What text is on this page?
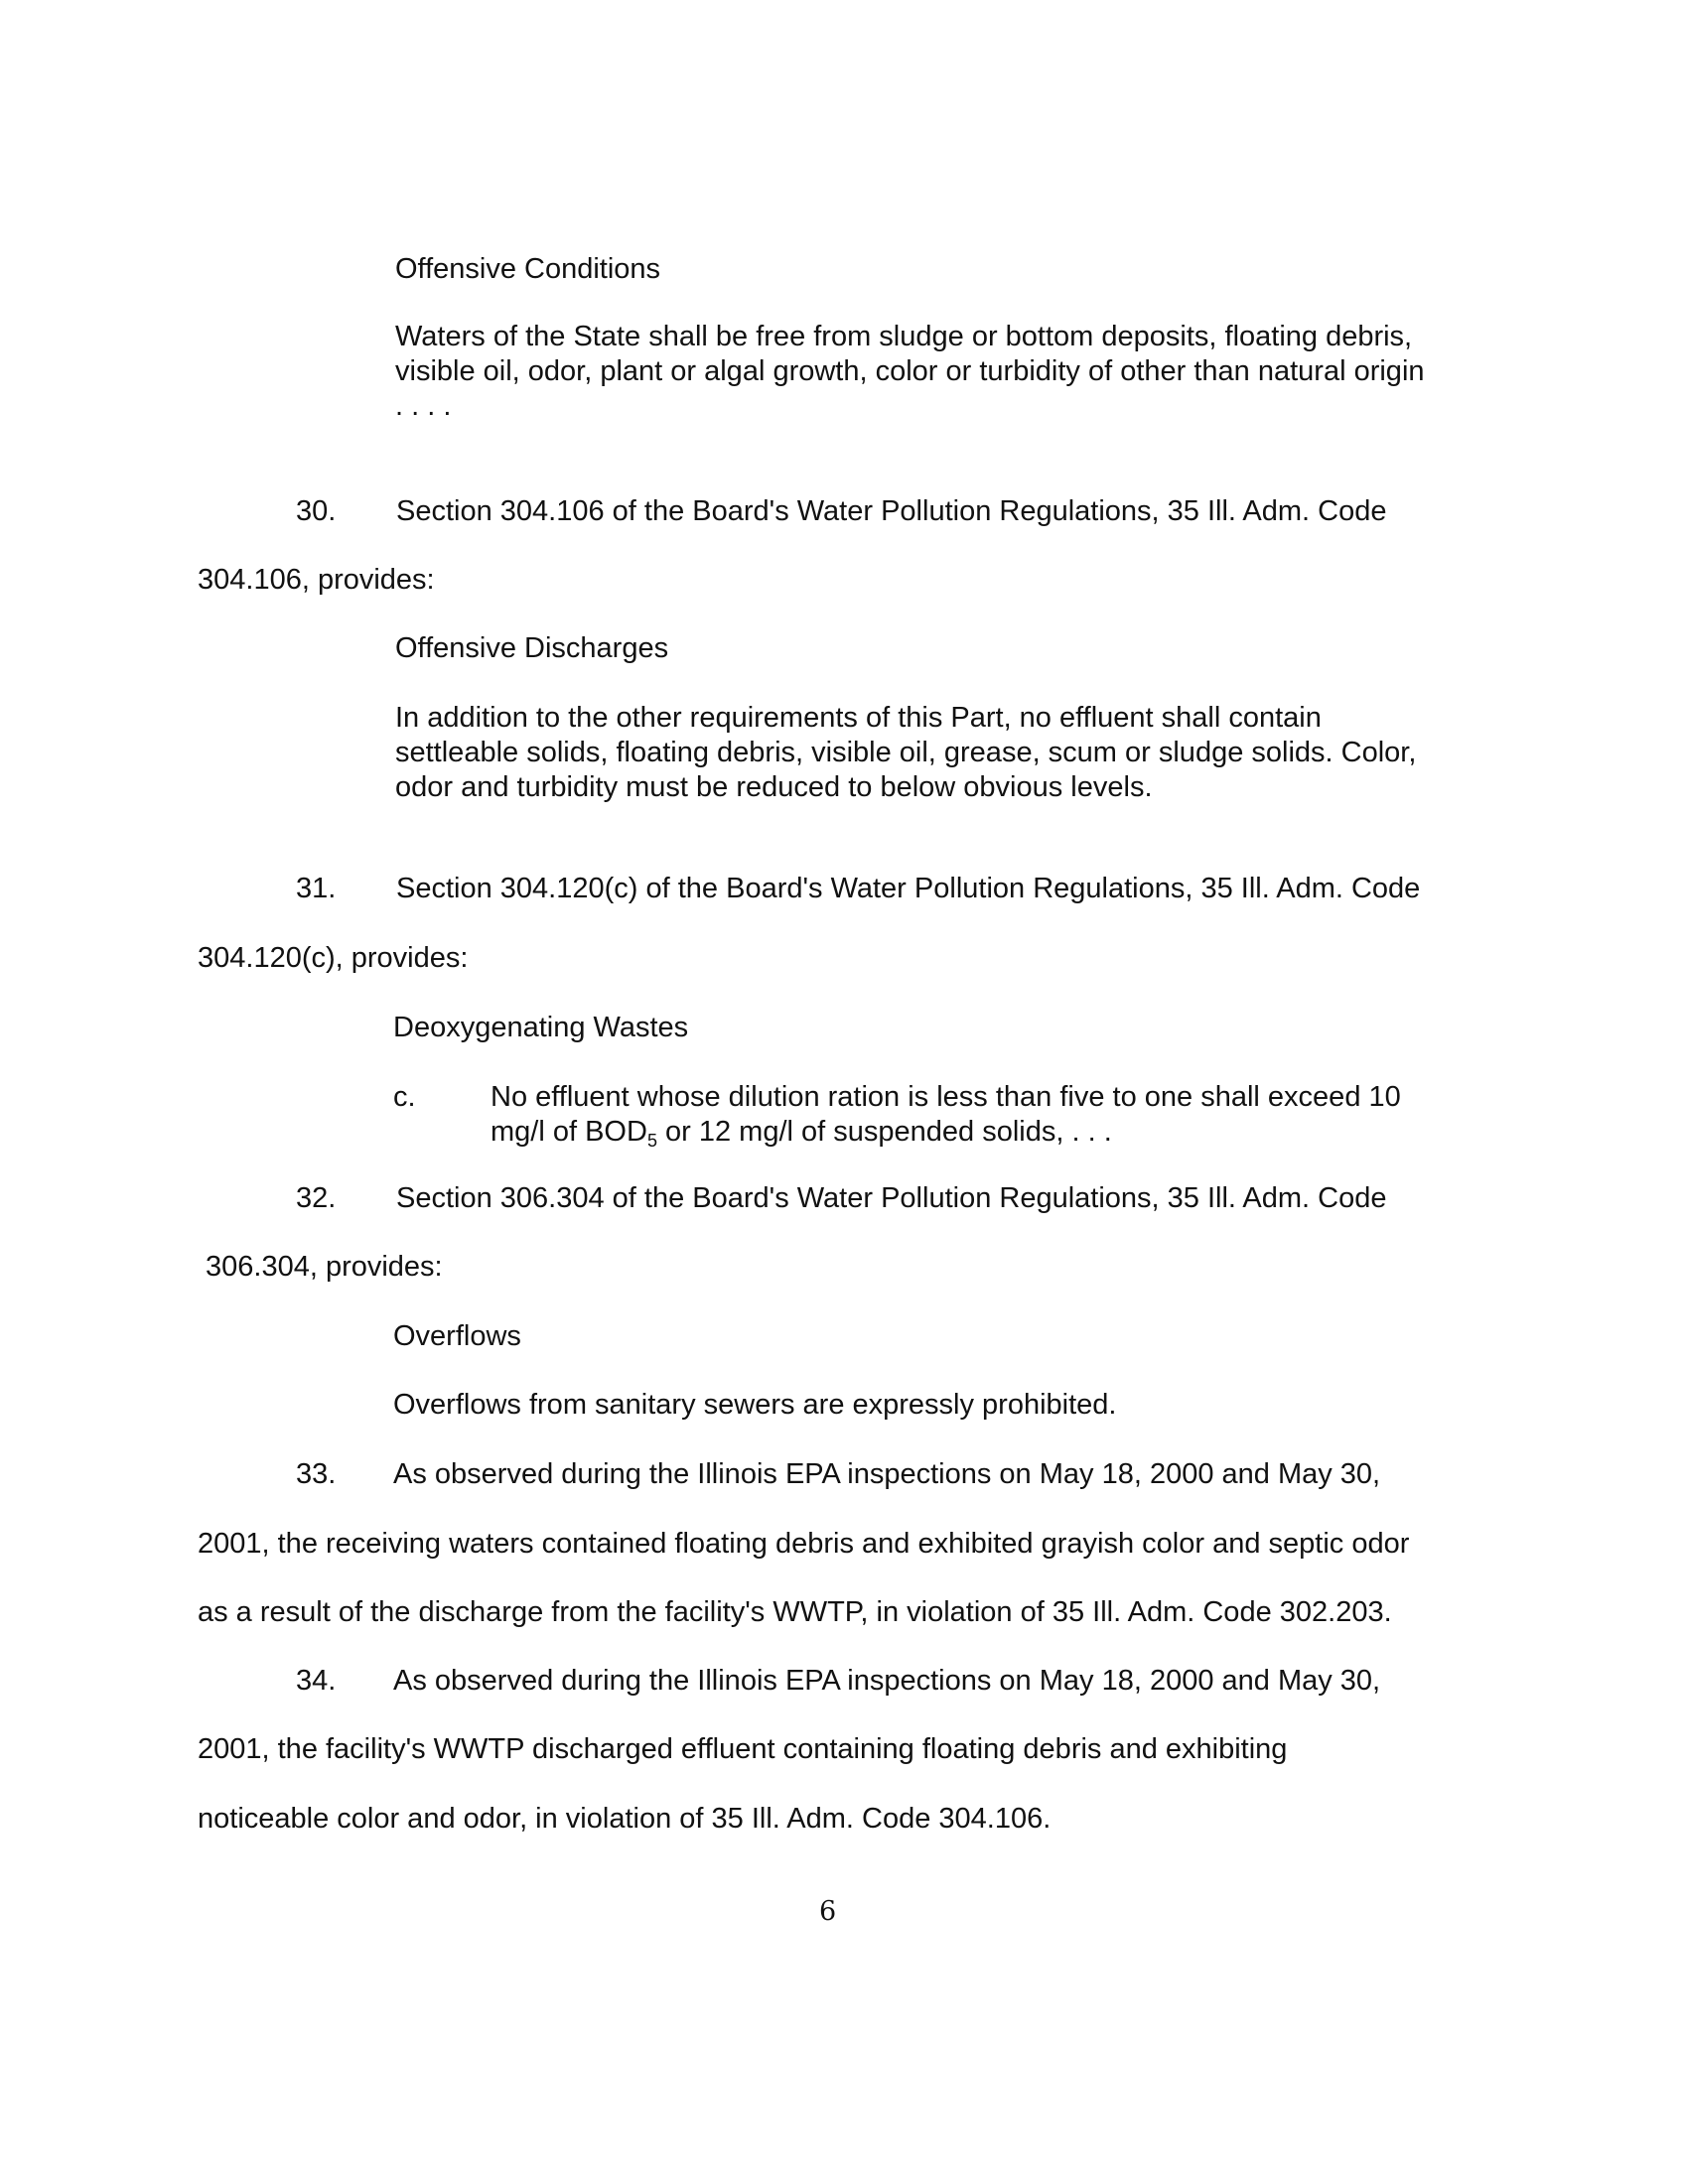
Offensive Conditions
Waters of the State shall be free from sludge or bottom deposits, floating debris,
visible oil, odor, plant or algal growth, color or turbidity of other than natural origin
. . . .
30. Section 304.106 of the Board's Water Pollution Regulations, 35 Ill. Adm. Code
304.106, provides:
Offensive Discharges
In addition to the other requirements of this Part, no effluent shall contain
settleable solids, floating debris, visible oil, grease, scum or sludge solids. Color,
odor and turbidity must be reduced to below obvious levels.
31. Section 304.120(c) of the Board's Water Pollution Regulations, 35 Ill. Adm. Code
304.120(c), provides:
Deoxygenating Wastes
c.	No effluent whose dilution ration is less than five to one shall exceed 10
mg/l of $BOD_5$ or 12 mg/l of suspended solids, . . .
32. Section 306.304 of the Board's Water Pollution Regulations, 35 Ill. Adm. Code
306.304, provides:
Overflows
Overflows from sanitary sewers are expressly prohibited.
33. As observed during the Illinois EPA inspections on May 18, 2000 and May 30,
2001, the receiving waters contained floating debris and exhibited grayish color and septic odor
as a result of the discharge from the facility's WWTP, in violation of 35 Ill. Adm. Code 302.203.
34. As observed during the Illinois EPA inspections on May 18, 2000 and May 30,
2001, the facility's WWTP discharged effluent containing floating debris and exhibiting
noticeable color and odor, in violation of 35 Ill. Adm. Code 304.106.
6
